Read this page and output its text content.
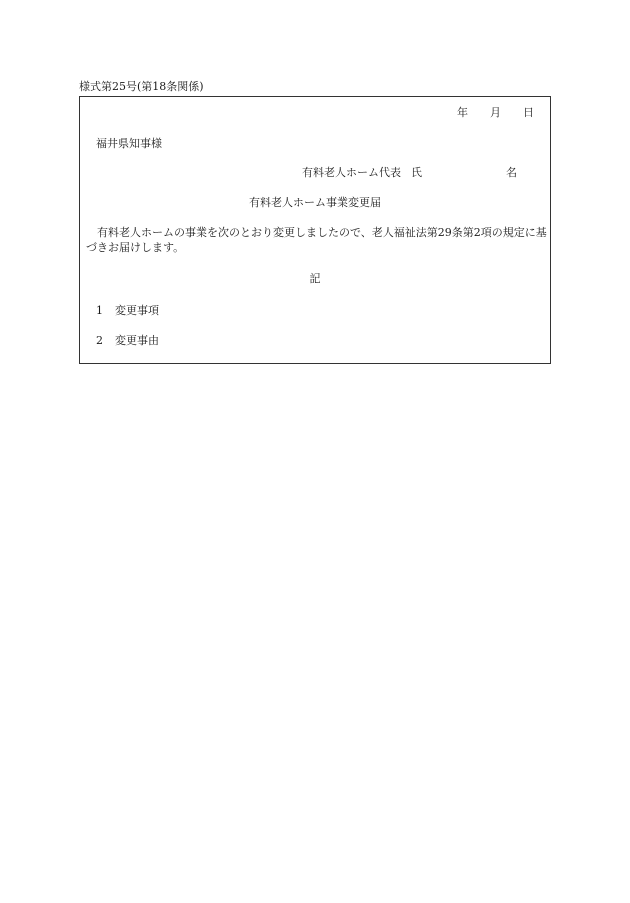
様式第25号(第18条関係)
年 月 日
福井県知事様
有料老人ホーム代表 氏	名
有料老人ホーム事業変更届
有料老人ホームの事業を次のとおり変更しましたので、老人福祉法第29条第2項の規定に基づきお届けします。
記
1 変更事項
2 変更事由
